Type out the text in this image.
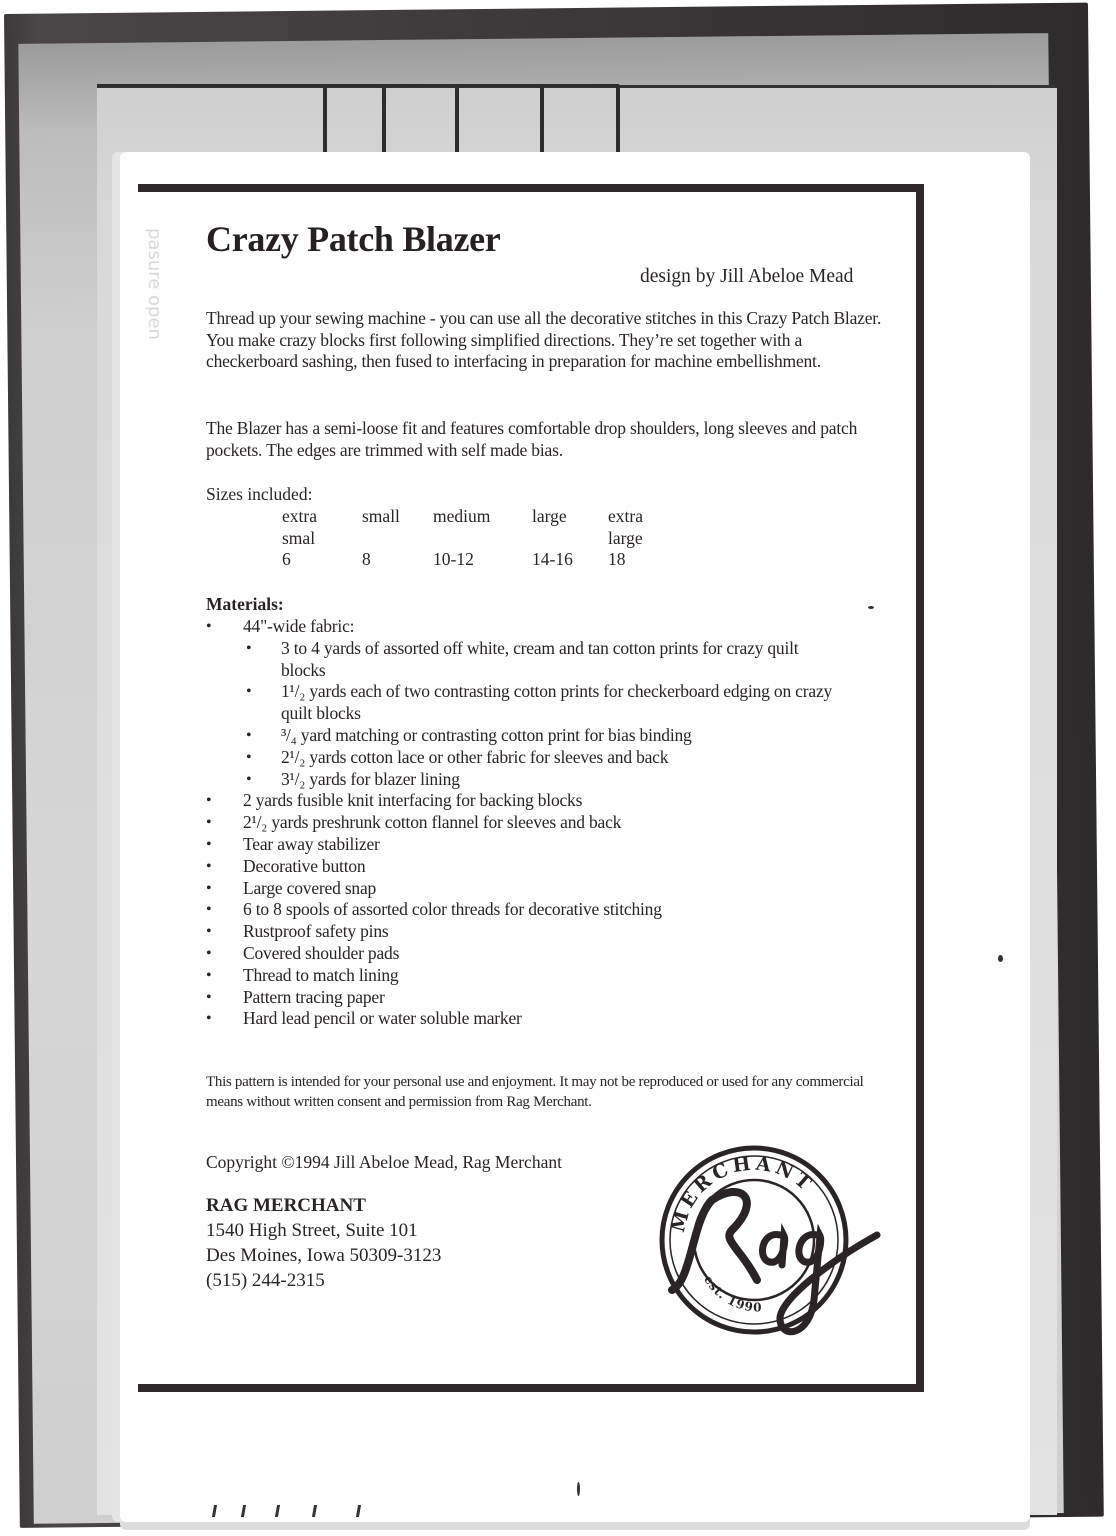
pasure open Crazy Patch Blazer
design by Jill Abeloe Mead

Thread up your sewing machine - you can use all the decorative stitches in this Crazy Patch Blazer. You make crazy blocks first following simplified directions. They’re set together with a checkerboard sashing, then fused to interfacing in preparation for machine embellishment.

The Blazer has a semi-loose fit and features comfortable drop shoulders, long sleeves and patch pockets. The edges are trimmed with self made bias.

Sizes included:
extra
smal
6
small

8
medium

10-12
large

14-16
extra
large
18
Materials:
• 44"-wide fabric:
• 3 to 4 yards of assorted off white, cream and tan cotton prints for crazy quilt blocks
• 1¹/₂ yards each of two contrasting cotton prints for checkerboard edging on crazy quilt blocks
• ³/₄ yard matching or contrasting cotton print for bias binding
• 2¹/₂ yards cotton lace or other fabric for sleeves and back
• 3¹/₂ yards for blazer lining
• 2 yards fusible knit interfacing for backing blocks
• 2¹/₂ yards preshrunk cotton flannel for sleeves and back
• Tear away stabilizer
• Decorative button
• Large covered snap
• 6 to 8 spools of assorted color threads for decorative stitching
• Rustproof safety pins
• Covered shoulder pads
• Thread to match lining
• Pattern tracing paper
• Hard lead pencil or water soluble marker

This pattern is intended for your personal use and enjoyment. It may not be reproduced or used for any commercial means without written consent and permission from Rag Merchant.

Copyright ©1994 Jill Abeloe Mead, Rag Merchant
RAG MERCHANT
1540 High Street, Suite 101
Des Moines, Iowa 50309-3123
(515) 244-2315
MERCHANT
est. 1990
